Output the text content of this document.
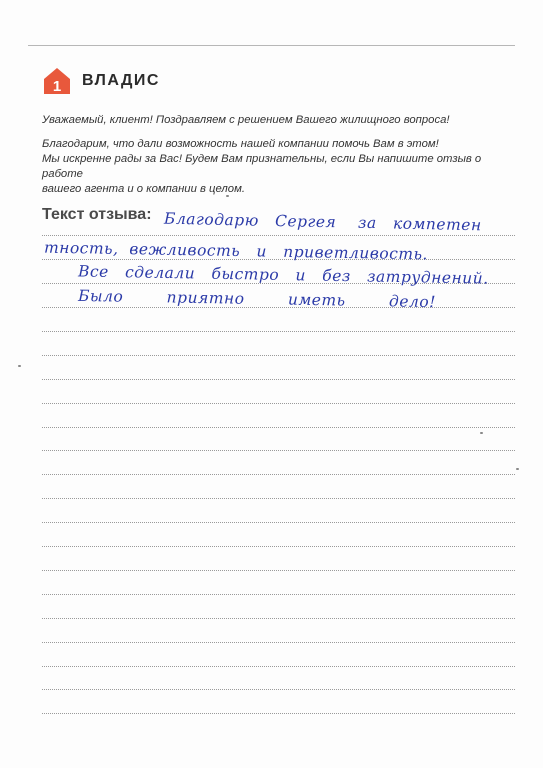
1 ВЛАДИС

Уважаемый, клиент! Поздравляем с решением Вашего жилищного вопроса!

Благодарим, что дали возможность нашей компании помочь Вам в этом!

Мы искренне рады за Вас! Будем Вам признательны, если Вы напишите отзыв о работе

вашего агента и о компании в целом.

Текст отзыва: Благодарю   Сергея    за   компетен
тность,  вежливость   и   приветливость.
Все   сделали   быстро   и   без   затруднений.
Было        приятно        иметь        дело!
